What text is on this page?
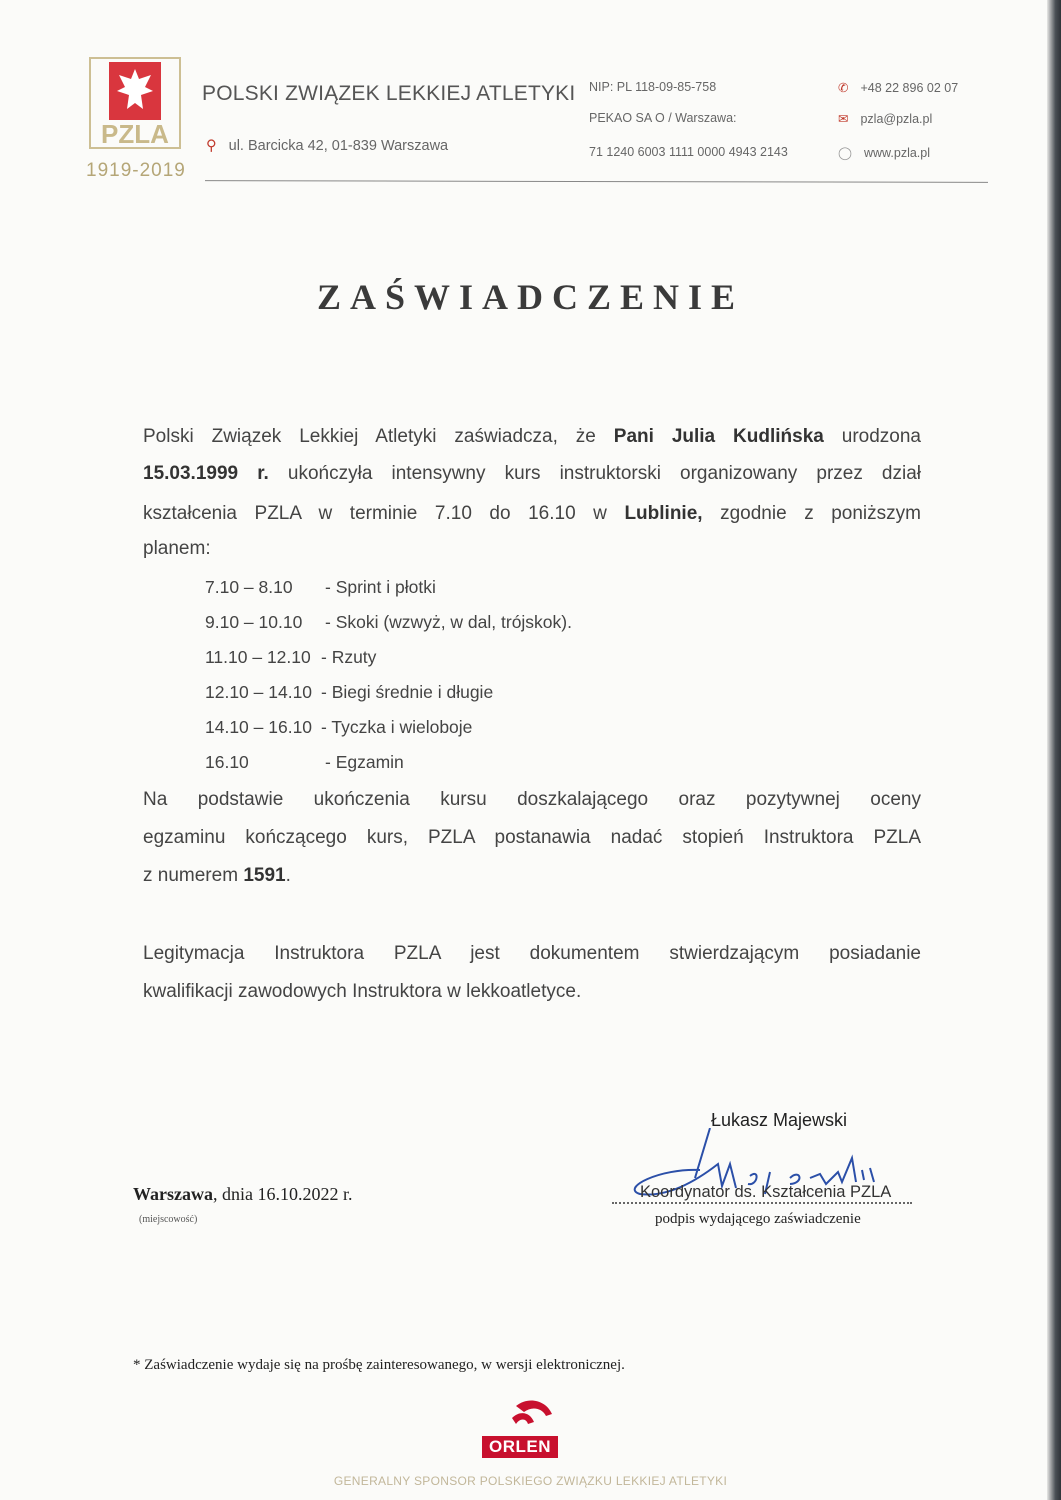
PZLA
1919-2019
POLSKI ZWIĄZEK LEKKIEJ ATLETYKI
⚲ ul. Barcicka 42, 01-839 Warszawa
NIP: PL 118-09-85-758
PEKAO SA O / Warszawa:
71 1240 6003 1111 0000 4943 2143
✆ +48 22 896 02 07
✉ pzla@pzla.pl
◯ www.pzla.pl
ZAŚWIADCZENIE
Polski Związek Lekkiej Atletyki zaświadcza, że Pani Julia Kudlińska urodzona
15.03.1999 r. ukończyła intensywny kurs instruktorski organizowany przez dział
kształcenia PZLA w terminie 7.10 do 16.10 w Lublinie, zgodnie z poniższym
planem:
7.10 – 8.10 - Sprint i płotki
9.10 – 10.10 - Skoki (wzwyż, w dal, trójskok).
11.10 – 12.10 - Rzuty
12.10 – 14.10 - Biegi średnie i długie
14.10 – 16.10 - Tyczka i wieloboje
16.10	- Egzamin
Na podstawie ukończenia kursu doszkalającego oraz pozytywnej oceny
egzaminu kończącego kurs, PZLA postanawia nadać stopień Instruktora PZLA
z numerem 1591.
Legitymacja Instruktora PZLA jest dokumentem stwierdzającym posiadanie
kwalifikacji zawodowych Instruktora w lekkoatletyce.
Łukasz Majewski
Koordynator ds. Kształcenia PZLA
podpis wydającego zaświadczenie
Warszawa, dnia 16.10.2022 r.
(miejscowość)
* Zaświadczenie wydaje się na prośbę zainteresowanego, w wersji elektronicznej.
ORLEN
GENERALNY SPONSOR POLSKIEGO ZWIĄZKU LEKKIEJ ATLETYKI
